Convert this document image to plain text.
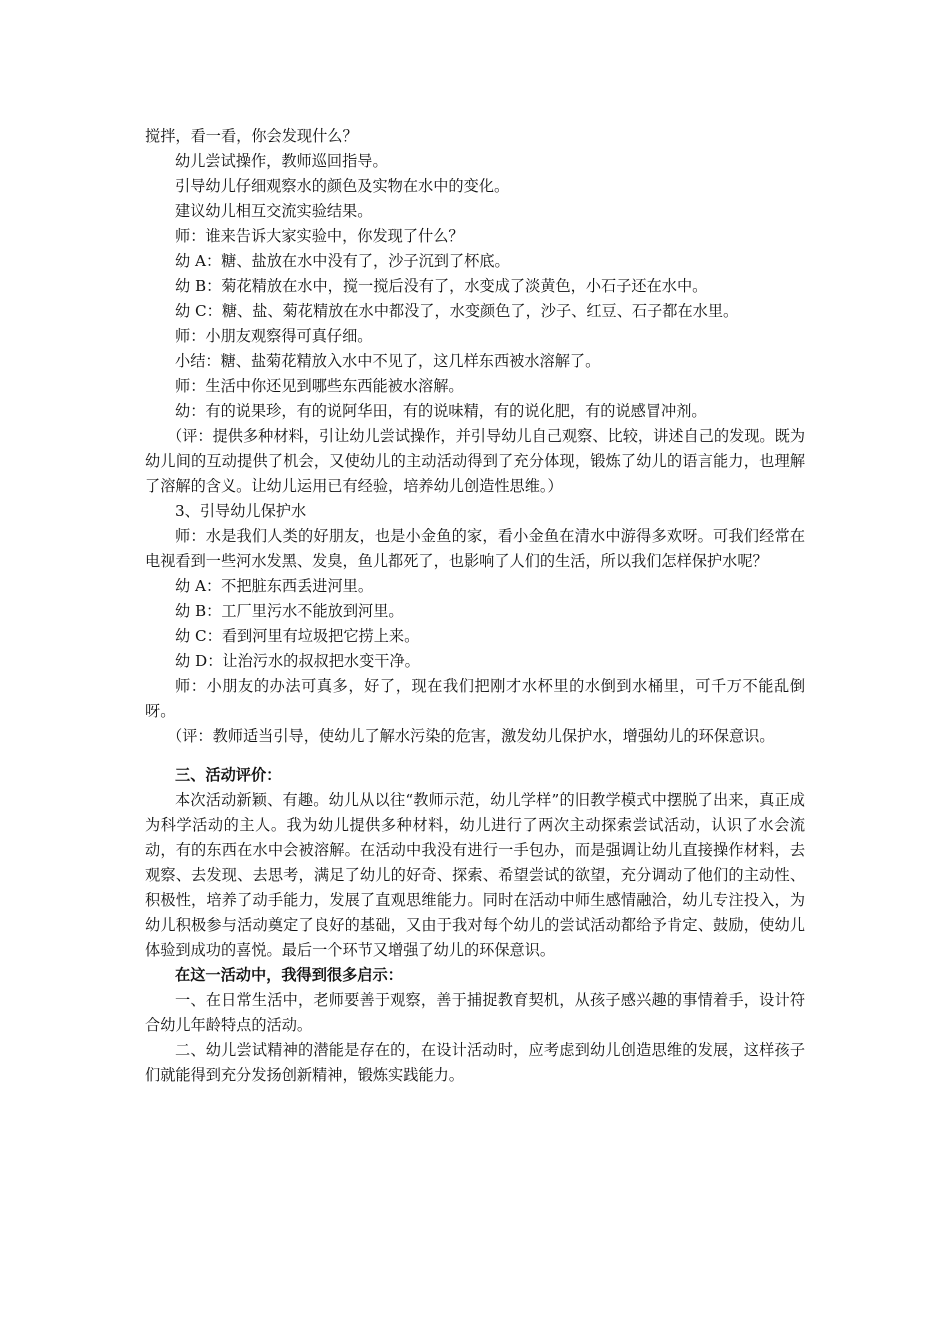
搅拌，看一看，你会发现什么？

幼儿尝试操作，教师巡回指导。

引导幼儿仔细观察水的颜色及实物在水中的变化。

建议幼儿相互交流实验结果。

师：谁来告诉大家实验中，你发现了什么？

幼 A：糖、盐放在水中没有了，沙子沉到了杯底。

幼 B：菊花精放在水中，搅一搅后没有了，水变成了淡黄色，小石子还在水中。

幼 C：糖、盐、菊花精放在水中都没了，水变颜色了，沙子、红豆、石子都在水里。

师：小朋友观察得可真仔细。

小结：糖、盐菊花精放入水中不见了，这几样东西被水溶解了。

师：生活中你还见到哪些东西能被水溶解。

幼：有的说果珍，有的说阿华田，有的说味精，有的说化肥，有的说感冒冲剂。

（评：提供多种材料，引让幼儿尝试操作，并引导幼儿自己观察、比较，讲述自己的发现。既为幼儿间的互动提供了机会，又使幼儿的主动活动得到了充分体现，锻炼了幼儿的语言能力，也理解了溶解的含义。让幼儿运用已有经验，培养幼儿创造性思维。）

3、引导幼儿保护水

师：水是我们人类的好朋友，也是小金鱼的家，看小金鱼在清水中游得多欢呀。可我们经常在电视看到一些河水发黑、发臭，鱼儿都死了，也影响了人们的生活，所以我们怎样保护水呢？

幼 A：不把脏东西丢进河里。

幼 B：工厂里污水不能放到河里。

幼 C：看到河里有垃圾把它捞上来。

幼 D：让治污水的叔叔把水变干净。

师：小朋友的办法可真多，好了，现在我们把刚才水杯里的水倒到水桶里，可千万不能乱倒呀。

（评：教师适当引导，使幼儿了解水污染的危害，激发幼儿保护水，增强幼儿的环保意识。

三、活动评价：

本次活动新颖、有趣。幼儿从以往“教师示范，幼儿学样”的旧教学模式中摆脱了出来，真正成为科学活动的主人。我为幼儿提供多种材料，幼儿进行了两次主动探索尝试活动，认识了水会流动，有的东西在水中会被溶解。在活动中我没有进行一手包办，而是强调让幼儿直接操作材料，去观察、去发现、去思考，满足了幼儿的好奇、探索、希望尝试的欲望，充分调动了他们的主动性、积极性，培养了动手能力，发展了直观思维能力。同时在活动中师生感情融洽，幼儿专注投入，为幼儿积极参与活动奠定了良好的基础，又由于我对每个幼儿的尝试活动都给予肯定、鼓励，使幼儿体验到成功的喜悦。最后一个环节又增强了幼儿的环保意识。

在这一活动中，我得到很多启示：

一、在日常生活中，老师要善于观察，善于捕捉教育契机，从孩子感兴趣的事情着手，设计符合幼儿年龄特点的活动。

二、幼儿尝试精神的潜能是存在的，在设计活动时，应考虑到幼儿创造思维的发展，这样孩子们就能得到充分发扬创新精神，锻炼实践能力。
